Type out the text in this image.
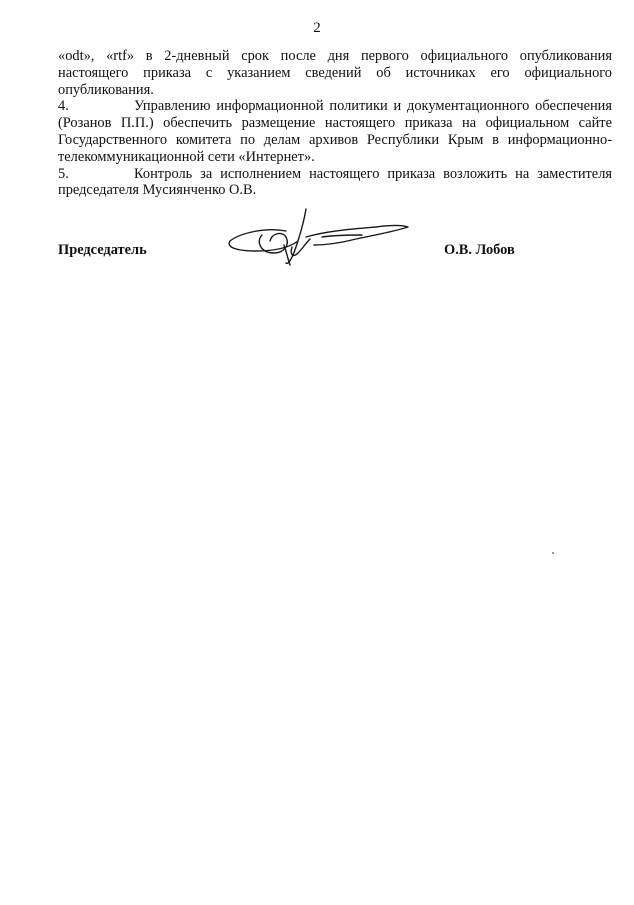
2

«odt», «rtf» в 2-дневный срок после дня первого официального опубликования настоящего приказа с указанием сведений об источниках его официального опубликования.

4.	Управлению информационной политики и документационного обеспечения (Розанов П.П.) обеспечить размещение настоящего приказа на официальном сайте Государственного комитета по делам архивов Республики Крым в информационно-телекоммуникационной сети «Интернет».

5.	Контроль за исполнением настоящего приказа возложить на заместителя председателя Мусиянченко О.В.

Председатель	О.В. Лобов
